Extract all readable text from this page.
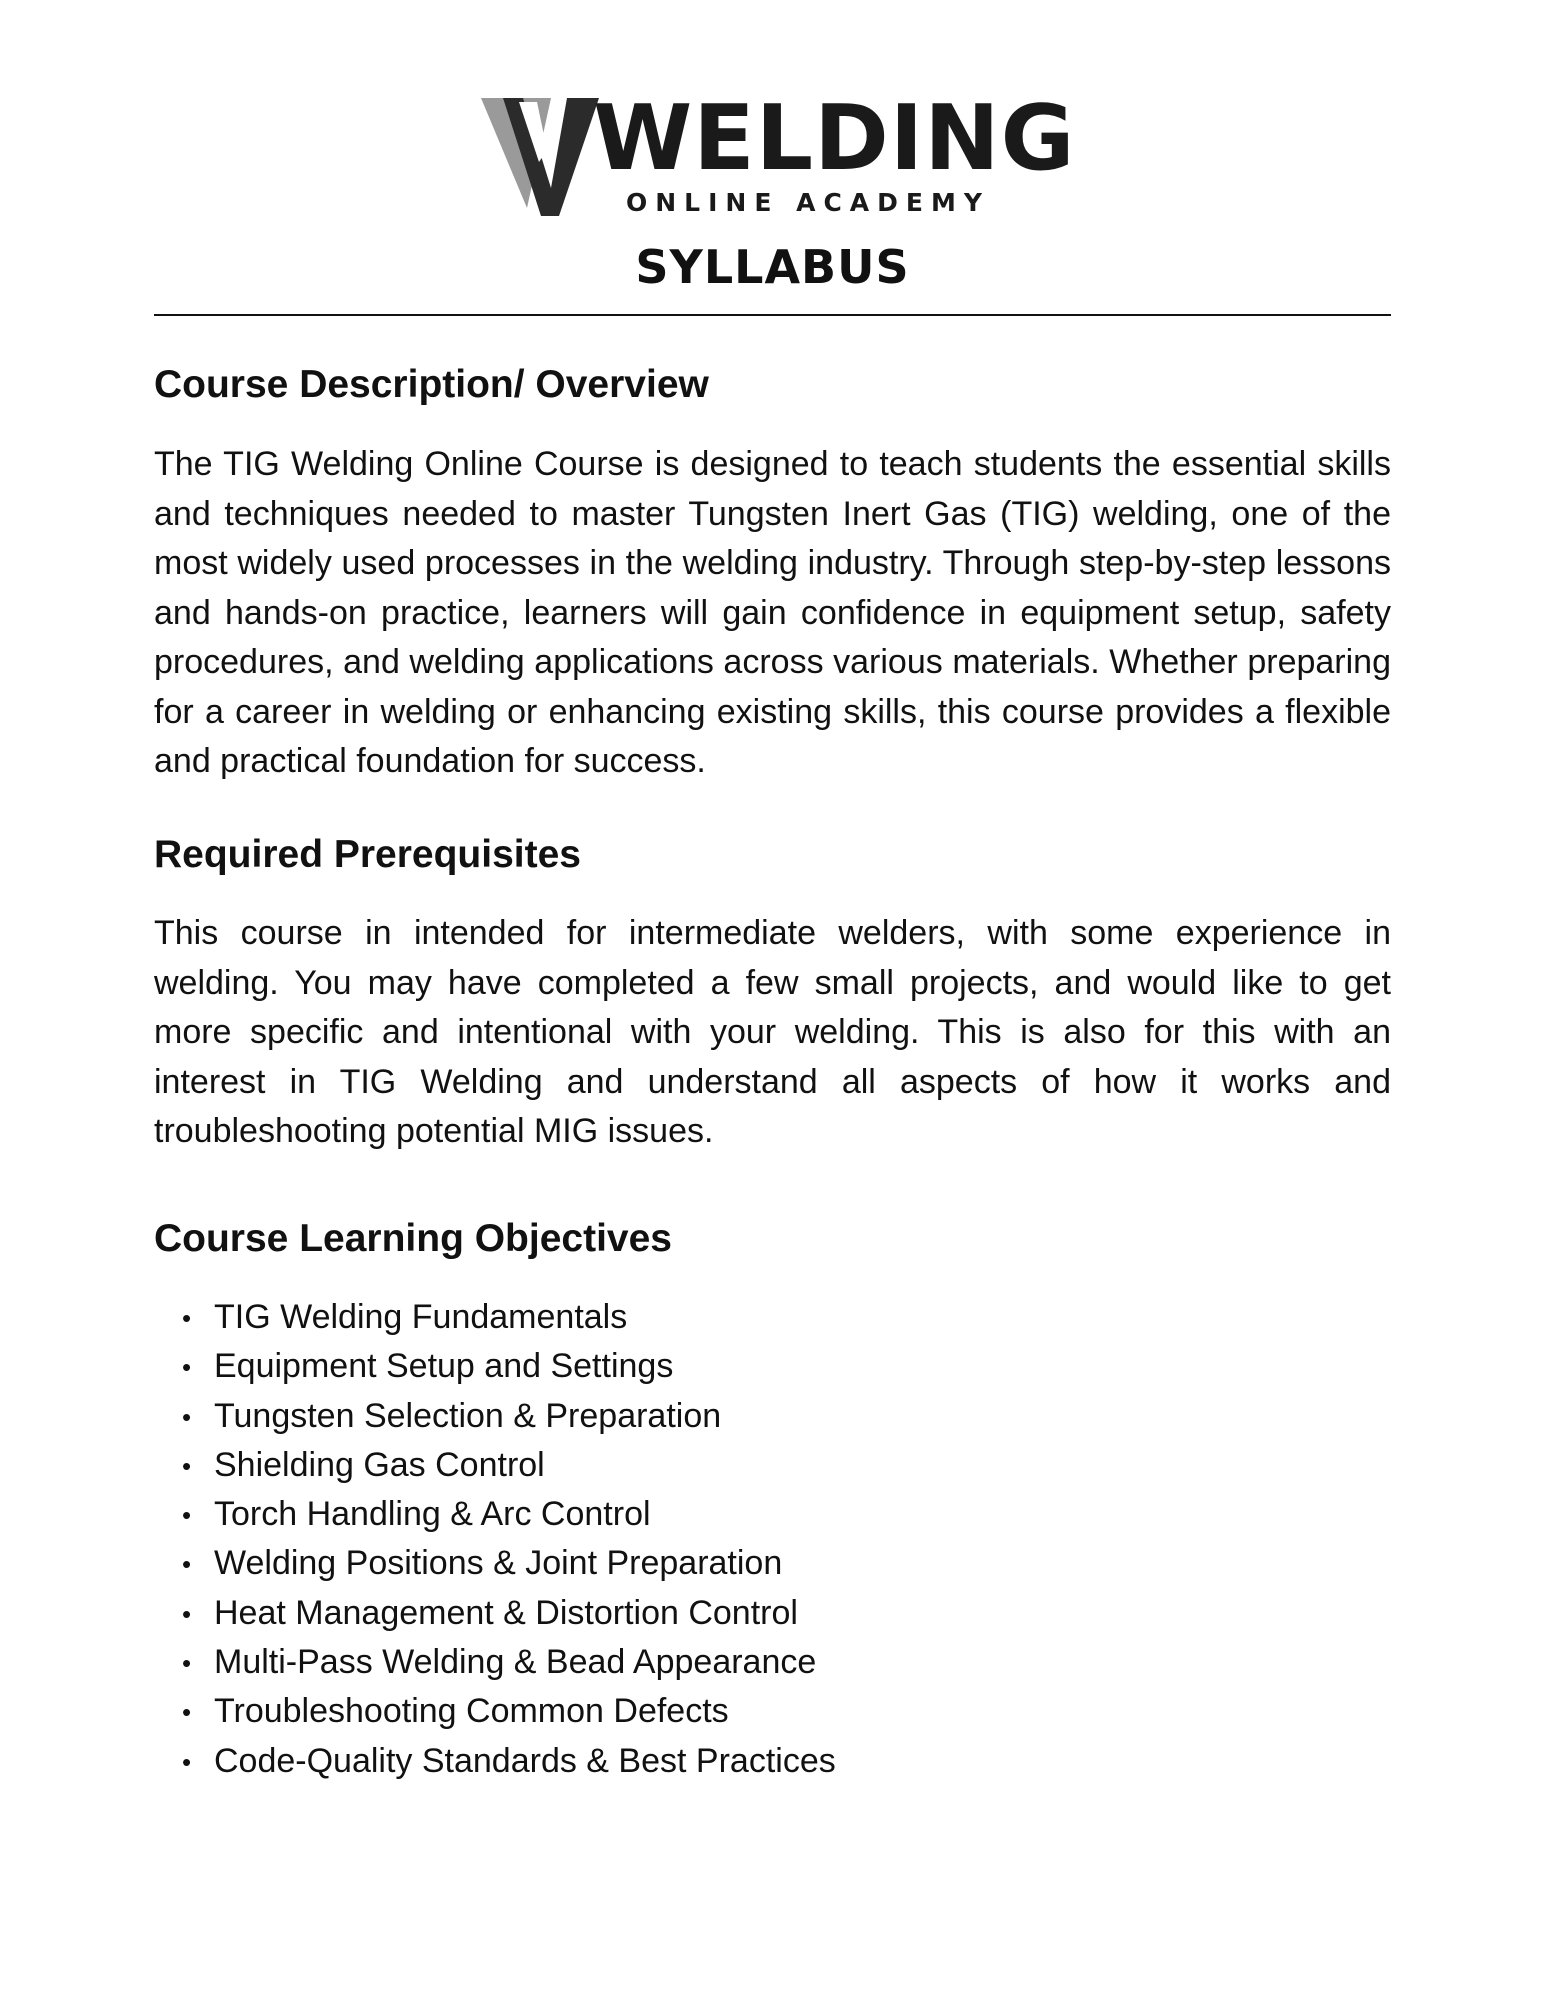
WELDING
ONLINE ACADEMY
SYLLABUS
Course Description/ Overview

The TIG Welding Online Course is designed to teach students the essential skills and techniques needed to master Tungsten Inert Gas (TIG) welding, one of the most widely used processes in the welding industry. Through step-by-step lessons and hands-on practice, learners will gain confidence in equipment setup, safety procedures, and welding applications across various materials. Whether preparing for a career in welding or enhancing existing skills, this course provides a flexible and practical foundation for success.

Required Prerequisites

This course in intended for intermediate welders, with some experience in welding. You may have completed a few small projects, and would like to get more specific and intentional with your welding. This is also for this with an interest in TIG Welding and understand all aspects of how it works and troubleshooting potential MIG issues.

Course Learning Objectives
• TIG Welding Fundamentals
• Equipment Setup and Settings
• Tungsten Selection & Preparation
• Shielding Gas Control
• Torch Handling & Arc Control
• Welding Positions & Joint Preparation
• Heat Management & Distortion Control
• Multi-Pass Welding & Bead Appearance
• Troubleshooting Common Defects
• Code-Quality Standards & Best Practices
